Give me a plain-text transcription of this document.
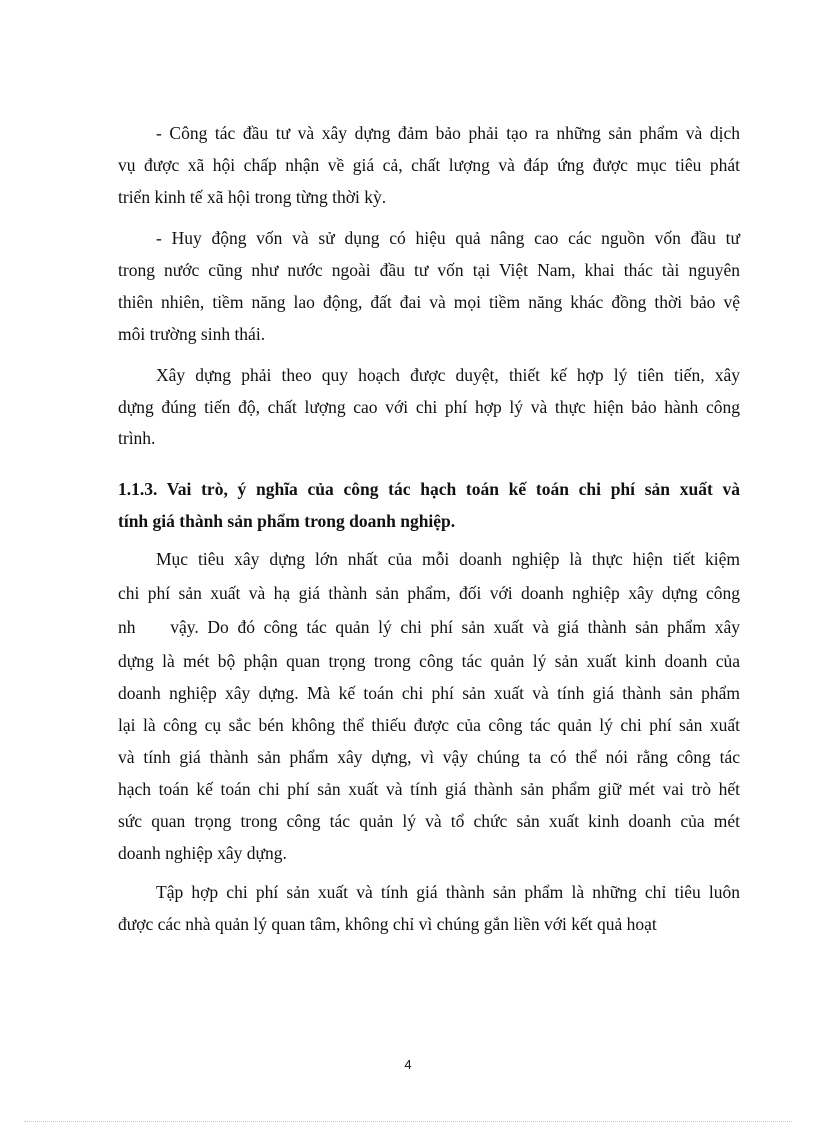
- Công tác đầu tư và xây dựng đảm bảo phải tạo ra những sản phẩm và dịch
vụ được xã hội chấp nhận về giá cả, chất lượng và đáp ứng được mục tiêu phát
triển kinh tế xã hội trong từng thời kỳ.
- Huy động vốn và sử dụng có hiệu quả nâng cao các nguồn vốn đầu tư
trong nước cũng như nước ngoài đầu tư vốn tại Việt Nam, khai thác tài nguyên
thiên nhiên, tiềm năng lao động, đất đai và mọi tiềm năng khác đồng thời bảo vệ
môi trường sinh thái.
Xây dựng phải theo quy hoạch được duyệt, thiết kế hợp lý tiên tiến, xây
dựng đúng tiến độ, chất lượng cao với chi phí hợp lý và thực hiện bảo hành công
trình.
1.1.3. Vai trò, ý nghĩa của công tác hạch toán kế toán chi phí sản xuất và
tính giá thành sản phẩm trong doanh nghiệp.
Mục tiêu xây dựng lớn nhất của mỗi doanh nghiệp là thực hiện tiết kiệm
chi phí sản xuất và hạ giá thành sản phẩm, đối với doanh nghiệp xây dựng công
nh    vậy. Do đó công tác quản lý chi phí sản xuất và giá thành sản phẩm xây
dựng là mét bộ phận quan trọng trong công tác quản lý sản xuất kinh doanh của
doanh nghiệp xây dựng. Mà kế toán chi phí sản xuất và tính giá thành sản phẩm
lại là công cụ sắc bén không thể thiếu được của công tác quản lý chi phí sản xuất
và tính giá thành sản phẩm xây dựng, vì vậy chúng ta có thể nói rằng công tác
hạch toán kế toán chi phí sản xuất và tính giá thành sản phẩm giữ mét vai trò hết
sức quan trọng trong công tác quản lý và tổ chức sản xuất kinh doanh của mét
doanh nghiệp xây dựng.
Tập hợp chi phí sản xuất và tính giá thành sản phẩm là những chỉ tiêu luôn
được các nhà quản lý quan tâm, không chỉ vì chúng gắn liền với kết quả hoạt
4
